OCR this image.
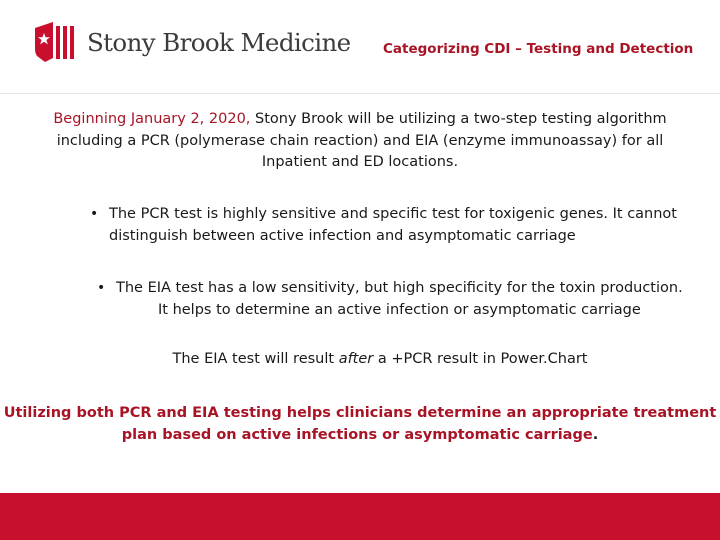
Stony Brook Medicine Categorizing CDI – Testing and Detection
Beginning January 2, 2020, Stony Brook will be utilizing a two-step testing algorithm including a PCR (polymerase chain reaction) and EIA (enzyme immunoassay) for all Inpatient and ED locations.
• The PCR test is highly sensitive and specific test for toxigenic genes. It cannot distinguish between active infection and asymptomatic carriage
• The EIA test has a low sensitivity, but high specificity for the toxin production.
It helps to determine an active infection or asymptomatic carriage
The EIA test will result after a +PCR result in Power.Chart
Utilizing both PCR and EIA testing helps clinicians determine an appropriate treatment plan based on active infections or asymptomatic carriage.
